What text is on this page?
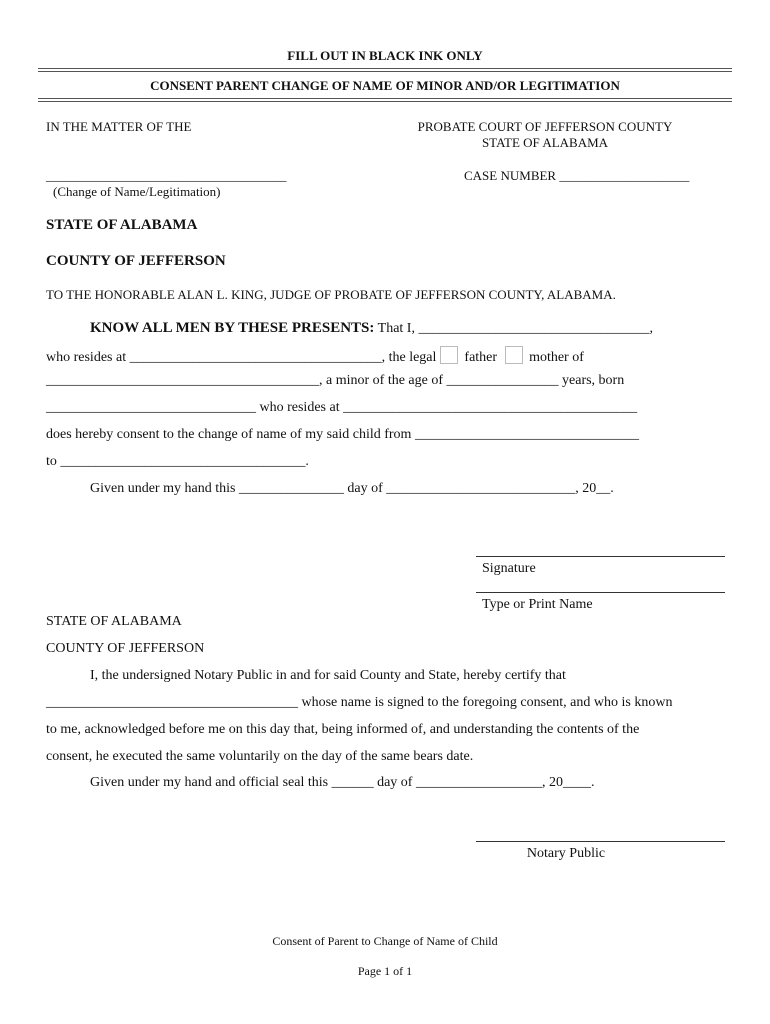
FILL OUT IN BLACK INK ONLY
CONSENT PARENT CHANGE OF NAME OF MINOR AND/OR LEGITIMATION
IN THE MATTER OF THE	PROBATE COURT OF JEFFERSON COUNTY
STATE OF ALABAMA
_____________________________________	CASE NUMBER ____________________
(Change of Name/Legitimation)
STATE OF ALABAMA
COUNTY OF JEFFERSON
TO THE HONORABLE ALAN L. KING, JUDGE OF PROBATE OF JEFFERSON COUNTY, ALABAMA.
KNOW ALL MEN BY THESE PRESENTS: That I, _________________________________,
who resides at ____________________________________, the legal father mother of
_______________________________________, a minor of the age of ________________ years, born
______________________________ who resides at __________________________________________
does hereby consent to the change of name of my said child from ________________________________
to ___________________________________.
Given under my hand this _______________ day of ___________________________, 20__.
Signature
Type or Print Name
STATE OF ALABAMA
COUNTY OF JEFFERSON
I, the undersigned Notary Public in and for said County and State, hereby certify that
____________________________________ whose name is signed to the foregoing consent, and who is known
to me, acknowledged before me on this day that, being informed of, and understanding the contents of the
consent, he executed the same voluntarily on the day of the same bears date.
Given under my hand and official seal this ______ day of __________________, 20____.
Notary Public
Consent of Parent to Change of Name of Child
Page 1 of 1
